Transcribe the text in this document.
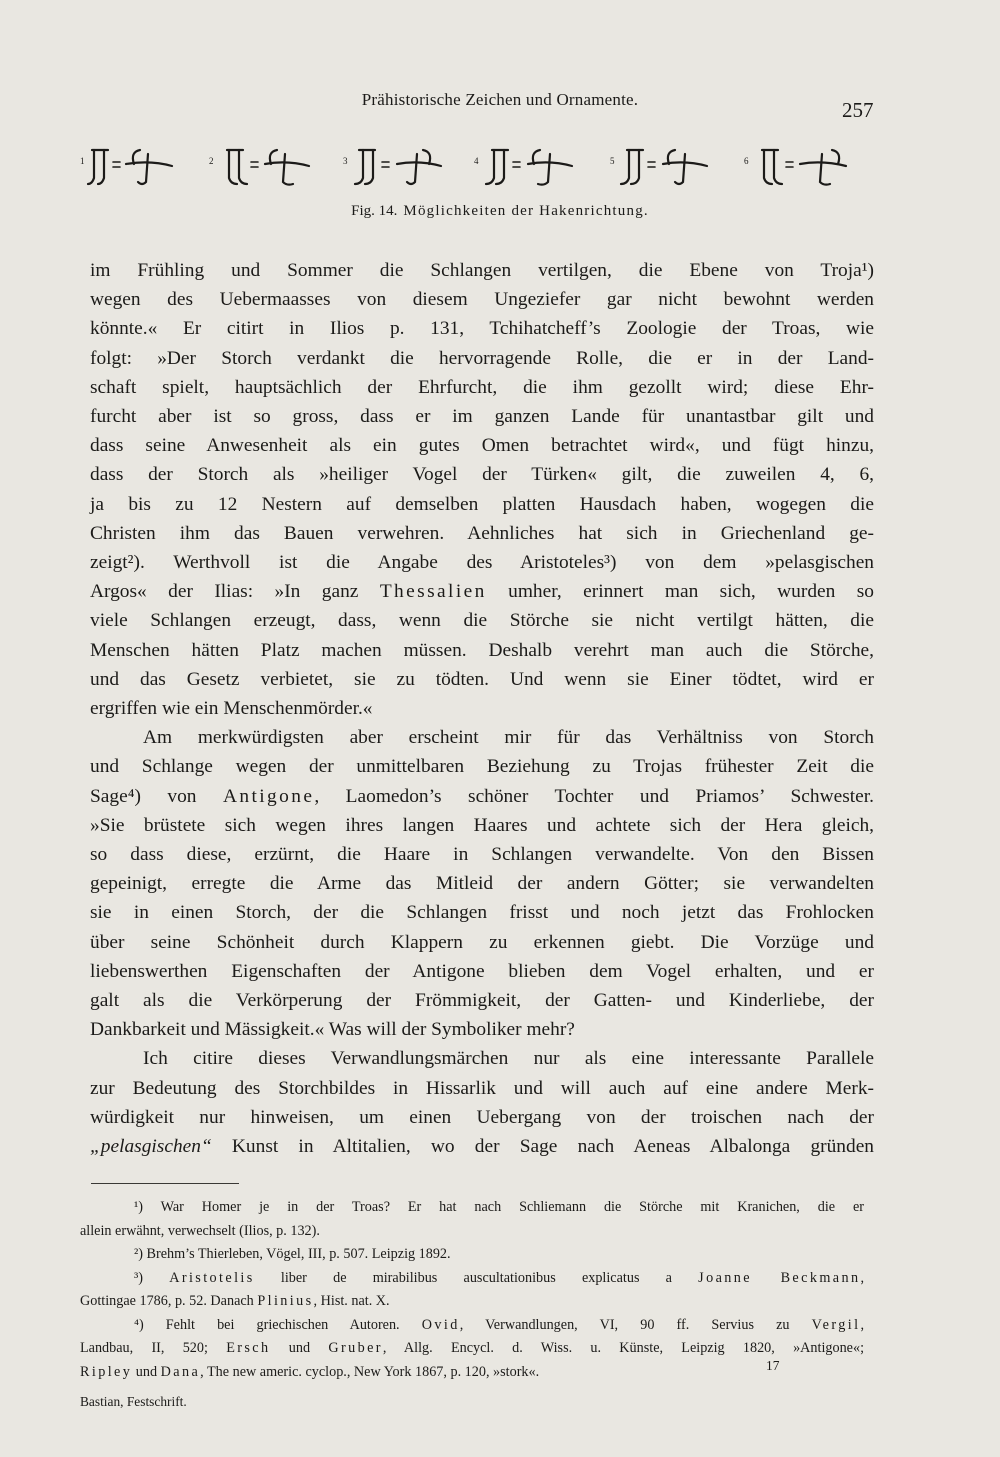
Prähistorische Zeichen und Ornamente.	257
1	2	3	4	5	6
Fig. 14. Möglichkeiten der Hakenrichtung.

im Frühling und Sommer die Schlangen vertilgen, die Ebene von Troja¹)
wegen des Uebermaasses von diesem Ungeziefer gar nicht bewohnt werden
könnte.« Er citirt in Ilios p. 131, Tchihatcheff’s Zoologie der Troas, wie
folgt: »Der Storch verdankt die hervorragende Rolle, die er in der Land-
schaft spielt, hauptsächlich der Ehrfurcht, die ihm gezollt wird; diese Ehr-
furcht aber ist so gross, dass er im ganzen Lande für unantastbar gilt und
dass seine Anwesenheit als ein gutes Omen betrachtet wird«, und fügt hinzu,
dass der Storch als »heiliger Vogel der Türken« gilt, die zuweilen 4, 6,
ja bis zu 12 Nestern auf demselben platten Hausdach haben, wogegen die
Christen ihm das Bauen verwehren. Aehnliches hat sich in Griechenland ge-
zeigt²). Werthvoll ist die Angabe des Aristoteles³) von dem »pelasgischen
Argos« der Ilias: »In ganz Thessalien umher, erinnert man sich, wurden so
viele Schlangen erzeugt, dass, wenn die Störche sie nicht vertilgt hätten, die
Menschen hätten Platz machen müssen. Deshalb verehrt man auch die Störche,
und das Gesetz verbietet, sie zu tödten. Und wenn sie Einer tödtet, wird er
ergriffen wie ein Menschenmörder.«

Am merkwürdigsten aber erscheint mir für das Verhältniss von Storch
und Schlange wegen der unmittelbaren Beziehung zu Trojas frühester Zeit die
Sage⁴) von Antigone, Laomedon’s schöner Tochter und Priamos’ Schwester.
»Sie brüstete sich wegen ihres langen Haares und achtete sich der Hera gleich,
so dass diese, erzürnt, die Haare in Schlangen verwandelte. Von den Bissen
gepeinigt, erregte die Arme das Mitleid der andern Götter; sie verwandelten
sie in einen Storch, der die Schlangen frisst und noch jetzt das Frohlocken
über seine Schönheit durch Klappern zu erkennen giebt. Die Vorzüge und
liebenswerthen Eigenschaften der Antigone blieben dem Vogel erhalten, und er
galt als die Verkörperung der Frömmigkeit, der Gatten- und Kinderliebe, der
Dankbarkeit und Mässigkeit.« Was will der Symboliker mehr?

Ich citire dieses Verwandlungsmärchen nur als eine interessante Parallele
zur Bedeutung des Storchbildes in Hissarlik und will auch auf eine andere Merk-
würdigkeit nur hinweisen, um einen Uebergang von der troischen nach der
„pelasgischen“ Kunst in Altitalien, wo der Sage nach Aeneas Albalonga gründen

¹) War Homer je in der Troas? Er hat nach Schliemann die Störche mit Kranichen, die er
allein erwähnt, verwechselt (Ilios, p. 132).
²) Brehm’s Thierleben, Vögel, III, p. 507. Leipzig 1892.
³) Aristotelis liber de mirabilibus auscultationibus explicatus a Joanne Beckmann,
Gottingae 1786, p. 52. Danach Plinius, Hist. nat. X.
⁴) Fehlt bei griechischen Autoren. Ovid, Verwandlungen, VI, 90 ff. Servius zu Vergil,
Landbau, II, 520; Ersch und Gruber, Allg. Encycl. d. Wiss. u. Künste, Leipzig 1820, »Antigone«;
Ripley und Dana, The new americ. cyclop., New York 1867, p. 120, »stork«.	17
Bastian, Festschrift.
